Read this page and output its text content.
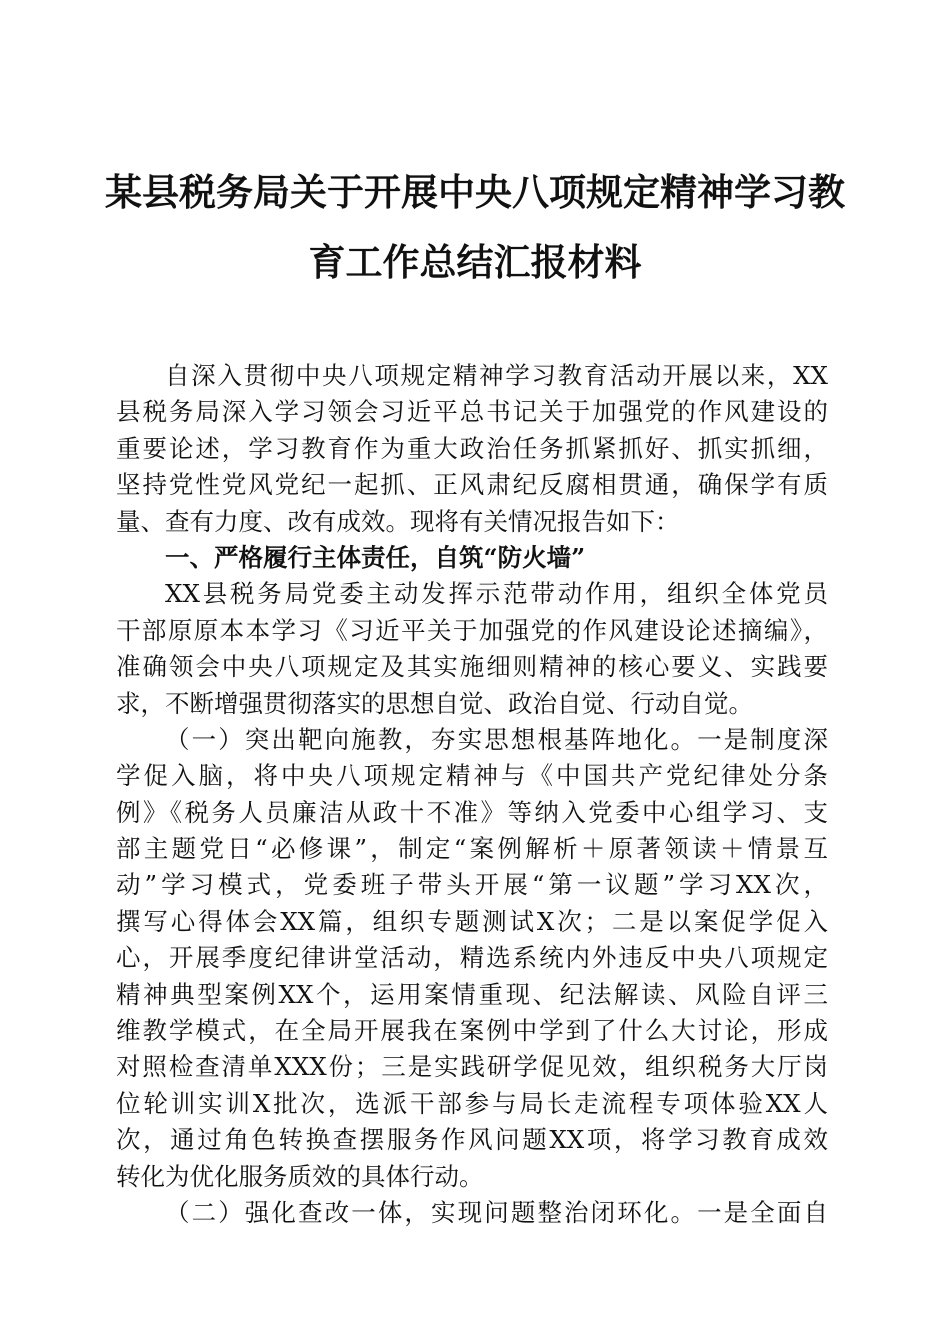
某县税务局关于开展中央八项规定精神学习教
育工作总结汇报材料
自深入贯彻中央八项规定精神学习教育活动开展以来，XX
县税务局深入学习领会习近平总书记关于加强党的作风建设的
重要论述，学习教育作为重大政治任务抓紧抓好、抓实抓细，
坚持党性党风党纪一起抓、正风肃纪反腐相贯通，确保学有质
量、查有力度、改有成效。现将有关情况报告如下：
一、严格履行主体责任，自筑“防火墙”
XX县税务局党委主动发挥示范带动作用，组织全体党员
干部原原本本学习《习近平关于加强党的作风建设论述摘编》，
准确领会中央八项规定及其实施细则精神的核心要义、实践要
求，不断增强贯彻落实的思想自觉、政治自觉、行动自觉。
（一）突出靶向施教，夯实思想根基阵地化。一是制度深
学促入脑，将中央八项规定精神与《中国共产党纪律处分条
例》《税务人员廉洁从政十不准》等纳入党委中心组学习、支
部主题党日“必修课”，制定“案例解析＋原著领读＋情景互
动”学习模式，党委班子带头开展“第一议题”学习XX次，
撰写心得体会XX篇，组织专题测试X次；二是以案促学促入
心，开展季度纪律讲堂活动，精选系统内外违反中央八项规定
精神典型案例XX个，运用案情重现、纪法解读、风险自评三
维教学模式，在全局开展我在案例中学到了什么大讨论，形成
对照检查清单XXX份；三是实践研学促见效，组织税务大厅岗
位轮训实训X批次，选派干部参与局长走流程专项体验XX人
次，通过角色转换查摆服务作风问题XX项，将学习教育成效
转化为优化服务质效的具体行动。
（二）强化查改一体，实现问题整治闭环化。一是全面自
